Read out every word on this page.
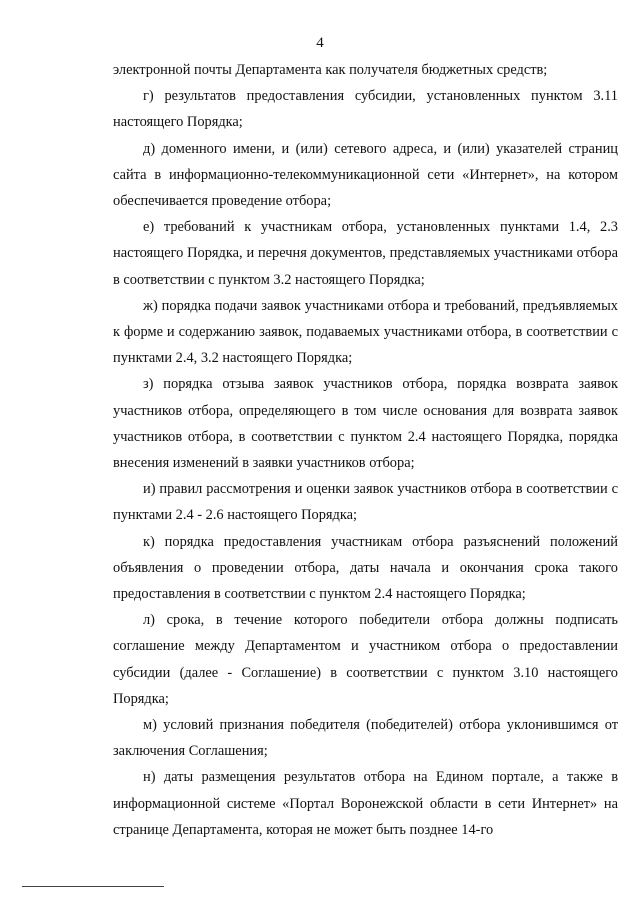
4

электронной почты Департамента как получателя бюджетных средств;

г) результатов предоставления субсидии, установленных пунктом 3.11 настоящего Порядка;

д) доменного имени, и (или) сетевого адреса, и (или) указателей страниц сайта в информационно-телекоммуникационной сети «Интернет», на котором обеспечивается проведение отбора;

е) требований к участникам отбора, установленных пунктами 1.4, 2.3 настоящего Порядка, и перечня документов, представляемых участниками отбора в соответствии с пунктом 3.2 настоящего Порядка;

ж) порядка подачи заявок участниками отбора и требований, предъявляемых к форме и содержанию заявок, подаваемых участниками отбора, в соответствии с пунктами 2.4, 3.2 настоящего Порядка;

з) порядка отзыва заявок участников отбора, порядка возврата заявок участников отбора, определяющего в том числе основания для возврата заявок участников отбора, в соответствии с пунктом 2.4 настоящего Порядка, порядка внесения изменений в заявки участников отбора;

и) правил рассмотрения и оценки заявок участников отбора в соответствии с пунктами 2.4 - 2.6 настоящего Порядка;

к) порядка предоставления участникам отбора разъяснений положений объявления о проведении отбора, даты начала и окончания срока такого предоставления в соответствии с пунктом 2.4 настоящего Порядка;

л) срока, в течение которого победители отбора должны подписать соглашение между Департаментом и участником отбора о предоставлении субсидии (далее - Соглашение) в соответствии с пунктом 3.10 настоящего Порядка;

м) условий признания победителя (победителей) отбора уклонившимся от заключения Соглашения;

н) даты размещения результатов отбора на Едином портале, а также в информационной системе «Портал Воронежской области в сети Интернет» на странице Департамента, которая не может быть позднее 14-го
